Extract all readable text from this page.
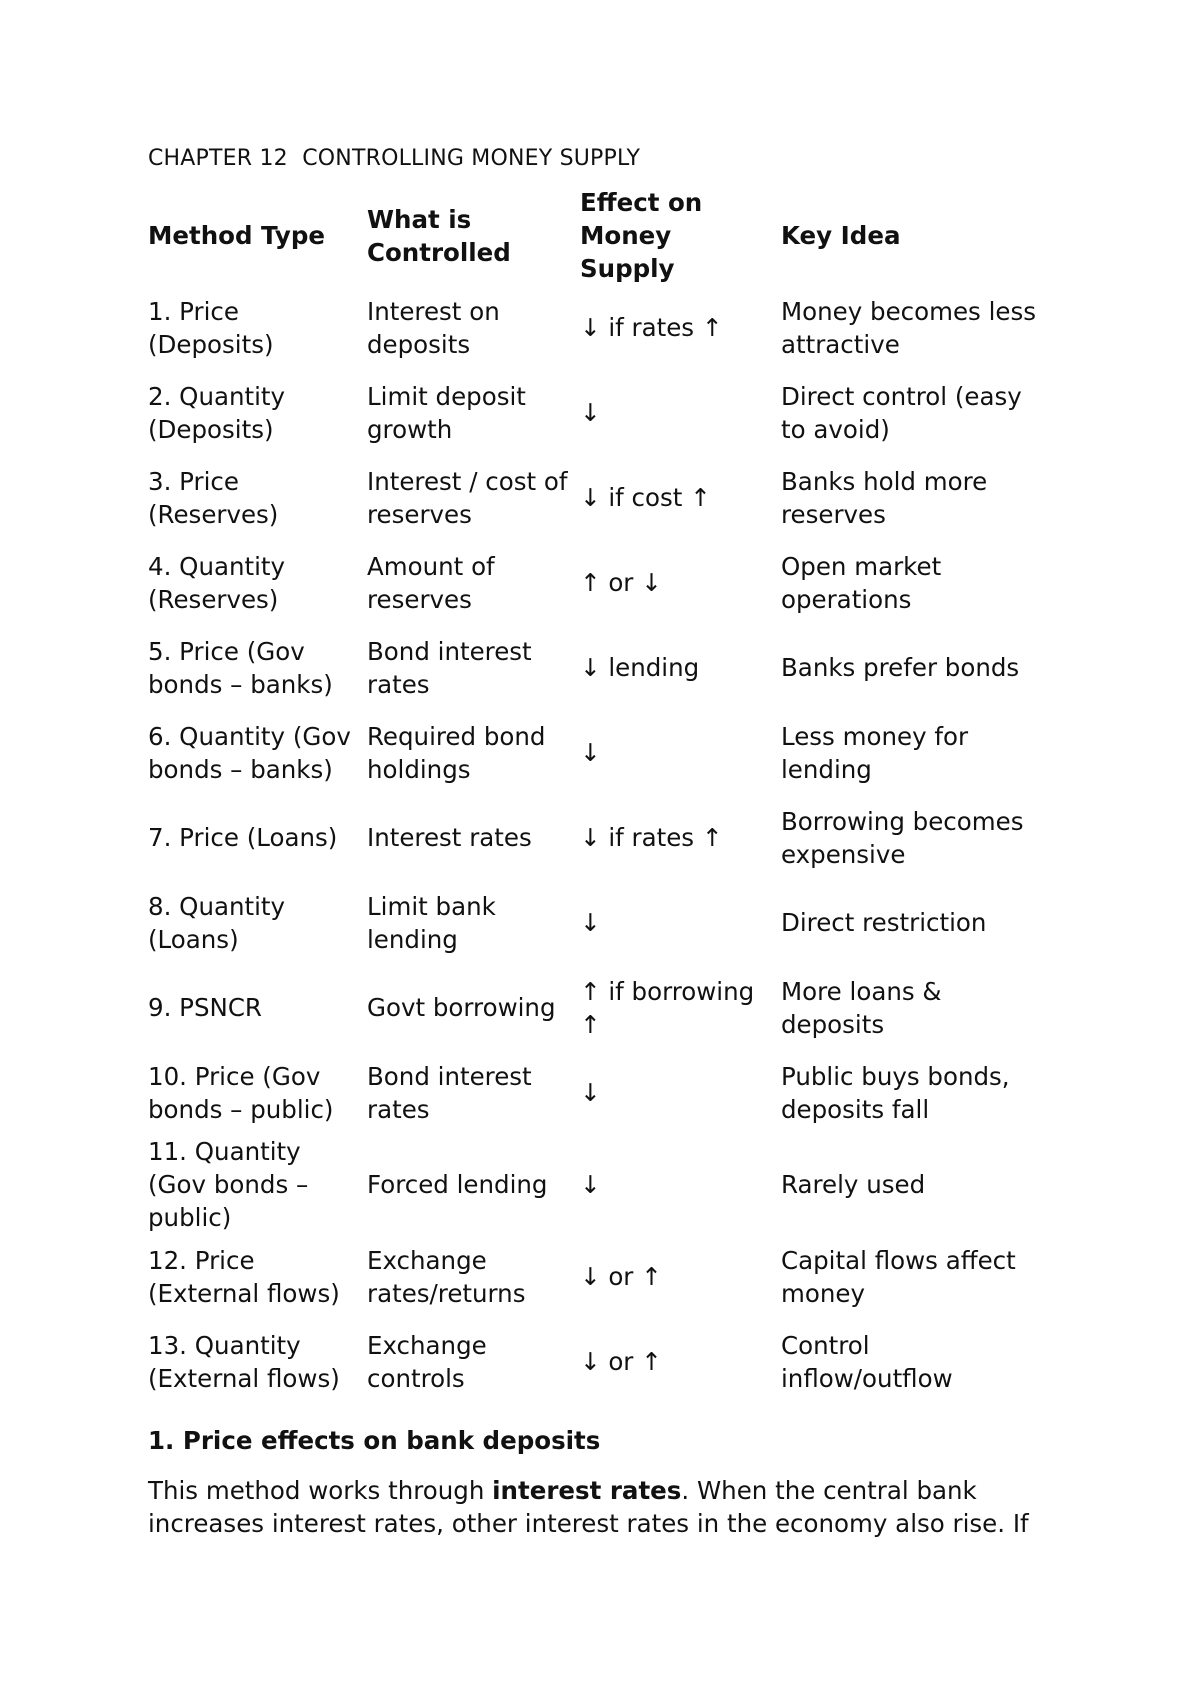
CHAPTER 12  CONTROLLING MONEY SUPPLY
Method Type	What is Controlled	Effect on Money Supply	Key Idea
1. Price (Deposits)	Interest on deposits	↓ if rates ↑	Money becomes less attractive
2. Quantity (Deposits)	Limit deposit growth	↓	Direct control (easy to avoid)
3. Price (Reserves)	Interest / cost of reserves	↓ if cost ↑	Banks hold more reserves
4. Quantity (Reserves)	Amount of reserves	↑ or ↓	Open market operations
5. Price (Gov bonds – banks)	Bond interest rates	↓ lending	Banks prefer bonds
6. Quantity (Gov bonds – banks)	Required bond holdings	↓	Less money for lending
7. Price (Loans)	Interest rates	↓ if rates ↑	Borrowing becomes expensive
8. Quantity (Loans)	Limit bank lending	↓	Direct restriction
9. PSNCR	Govt borrowing	↑ if borrowing ↑	More loans & deposits
10. Price (Gov bonds – public)	Bond interest rates	↓	Public buys bonds, deposits fall
11. Quantity (Gov bonds – public)	Forced lending	↓	Rarely used
12. Price (External flows)	Exchange rates/returns	↓ or ↑	Capital flows affect money
13. Quantity (External flows)	Exchange controls	↓ or ↑	Control inflow/outflow
1. Price effects on bank deposits
This method works through interest rates. When the central bank increases interest rates, other interest rates in the economy also rise. If
